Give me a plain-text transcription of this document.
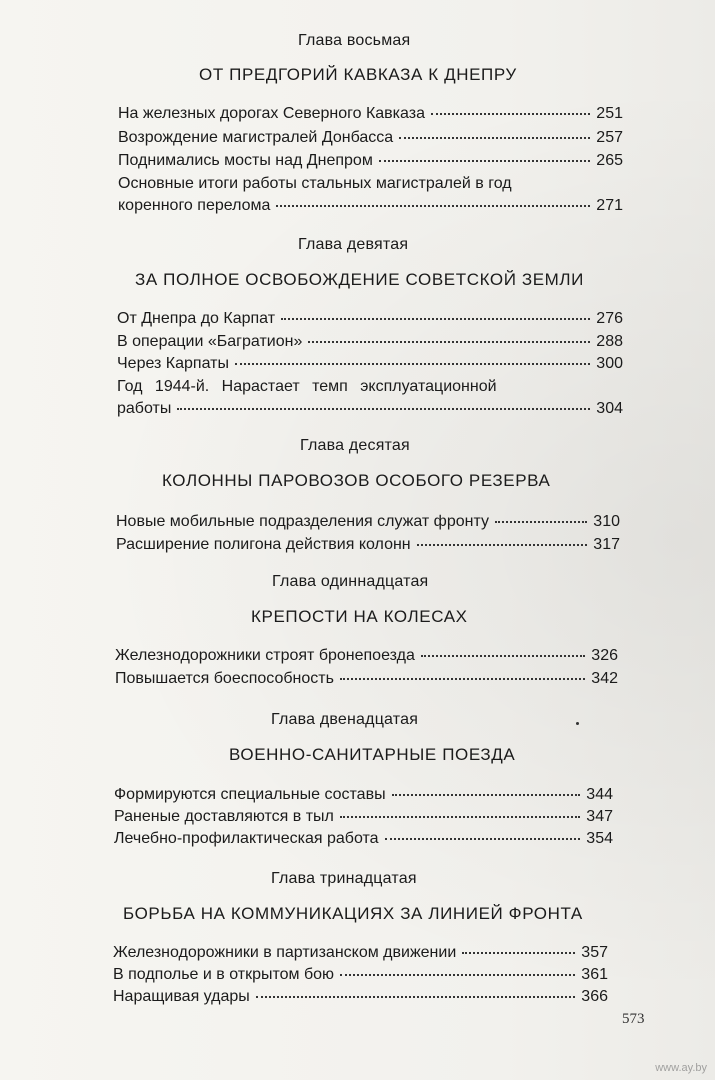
Глава восьмая
ОТ ПРЕДГОРИЙ КАВКАЗА К ДНЕПРУ
На железных дорогах Северного Кавказа	251
Возрождение магистралей Донбасса	257
Поднимались мосты над Днепром	265
Основные итоги работы стальных магистралей в год
коренного перелома	271
Глава девятая
ЗА ПОЛНОЕ ОСВОБОЖДЕНИЕ СОВЕТСКОЙ ЗЕМЛИ
От Днепра до Карпат	276
В операции «Багратион»	288
Через Карпаты	300
Год 1944-й. Нарастает темп эксплуатационной
работы	304
Глава десятая
КОЛОННЫ ПАРОВОЗОВ ОСОБОГО РЕЗЕРВА
Новые мобильные подразделения служат фронту	310
Расширение полигона действия колонн	317
Глава одиннадцатая
КРЕПОСТИ НА КОЛЕСАХ
Железнодорожники строят бронепоезда	326
Повышается боеспособность	342
Глава двенадцатая
ВОЕННО-САНИТАРНЫЕ ПОЕЗДА
Формируются специальные составы	344
Раненые доставляются в тыл	347
Лечебно-профилактическая работа	354
Глава тринадцатая
БОРЬБА НА КОММУНИКАЦИЯХ ЗА ЛИНИЕЙ ФРОНТА
Железнодорожники в партизанском движении	357
В подполье и в открытом бою	361
Наращивая удары	366
573
www.ay.by
